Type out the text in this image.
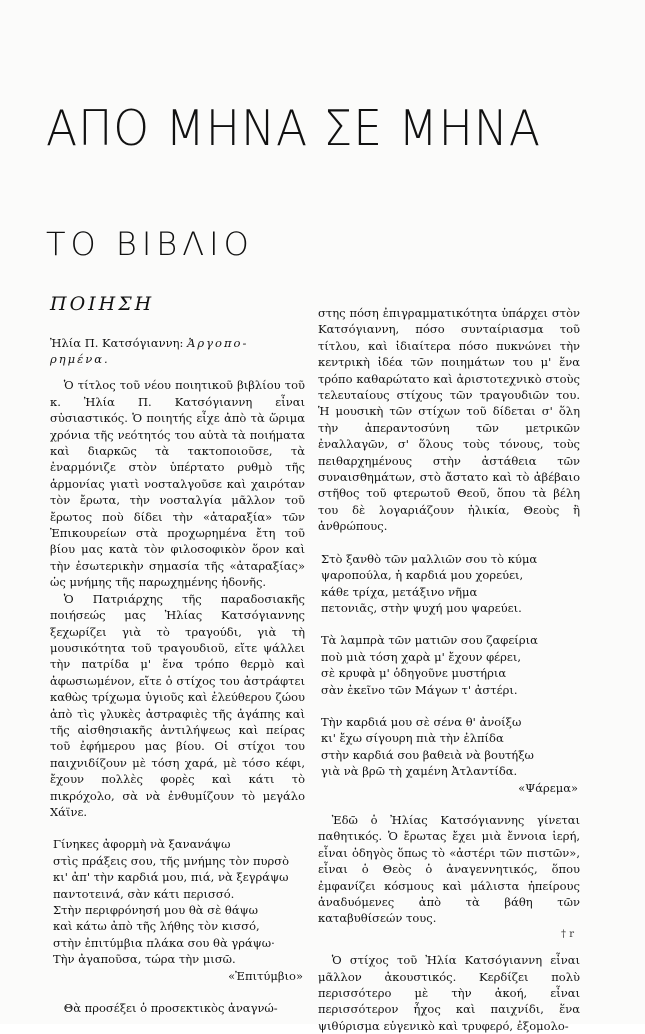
ΑΠΟ ΜΗΝΑ ΣΕ ΜΗΝΑ
ΤΟ ΒΙΒΛΙΟ
ΠΟΙΗΣΗ
Ἠλία Π. Κατσόγιαννη: Ἀργοπο-
ρημένα.

Ὁ τίτλος τοῦ νέου ποιητικοῦ βιβλίου τοῦ κ. Ἠλία Π. Κατσόγιαννη εἶναι σὐσιαστικός. Ὁ ποιητής εἶχε ἀπὸ τὰ ὥριμα χρόνια τῆς νεότητός του αὐτὰ τὰ ποιήματα καὶ διαρκῶς τὰ τακτοποιοῦσε, τὰ ἐναρμόνιζε στὸν ὑπέρτατο ρυθμὸ τῆς ἁρμονίας γιατὶ νοσταλγοῦσε καὶ χαιρόταν τὸν ἔρωτα, τὴν νοσταλγία μᾶλλον τοῦ ἔρωτος ποὺ δίδει τὴν «ἀταραξία» τῶν Ἐπικουρείων στὰ προχωρημένα ἔτη τοῦ βίου μας κατὰ τὸν φιλοσοφικὸν ὅρον καὶ τὴν ἐσωτερικὴν σημασία τῆς «ἀταραξίας» ὡς μνήμης τῆς παρωχημένης ἡδονῆς.

Ὁ Πατριάρχης τῆς παραδοσιακῆς ποιήσεώς μας Ἠλίας Κατσόγιαννης ξεχωρίζει γιὰ τὸ τραγούδι, γιὰ τὴ μουσικότητα τοῦ τραγουδιοῦ, εἴτε ψάλλει τὴν πατρίδα μ' ἕνα τρόπο θερμὸ καὶ ἀφωσιωμένον, εἴτε ὁ στίχος του ἀστράφτει καθὼς τρίχωμα ὑγιοῦς καὶ ἐλεύθερου ζώου ἀπὸ τὶς γλυκὲς ἀστραφιὲς τῆς ἀγάπης καὶ τῆς αἰσθησιακῆς ἀντιλήψεως καὶ πείρας τοῦ ἐφήμερου μας βίου. Οἱ στίχοι του παιχνιδίζουν μὲ τόση χαρά, μὲ τόσο κέφι, ἔχουν πολλὲς φορὲς καὶ κάτι τὸ πικρόχολο, σὰ νὰ ἐνθυμίζουν τὸ μεγάλο Χάϊνε.

Γίνηκες ἀφορμὴ νὰ ξανανάψω
στὶς πράξεις σου, τῆς μνήμης τὸν πυρσὸ
κι' ἀπ' τὴν καρδιά μου, πιά, νὰ ξεγράψω
παντοτεινά, σὰν κάτι περισσό.
Στὴν περιφρόνησή μου θὰ σὲ θάψω
καὶ κάτω ἀπὸ τῆς λήθης τὸν κισσό,
στὴν ἐπιτύμβια πλάκα σου θὰ γράψω·
Τὴν ἀγαποῦσα, τώρα τὴν μισῶ.
«Ἐπιτύμβιο»

Θὰ προσέξει ὁ προσεκτικὸς ἀναγνώ-

στης πόση ἐπιγραμματικότητα ὑπάρχει στὸν Κατσόγιαννη, πόσο συνταίριασμα τοῦ τίτλου, καὶ ἰδιαίτερα πόσο πυκνώνει τὴν κεντρικὴ ἰδέα τῶν ποιημάτων του μ' ἕνα τρόπο καθαρώτατο καὶ ἀριστοτεχνικὸ στοὺς τελευταίους στίχους τῶν τραγουδιῶν του. Ἡ μουσικὴ τῶν στίχων τοῦ δίδεται σ' ὅλη τὴν ἀπεραντοσύνη τῶν μετρικῶν ἐναλλαγῶν, σ' ὅλους τοὺς τόνους, τοὺς πειθαρχημένους στὴν ἀστάθεια τῶν συναισθημάτων, στὸ ἄστατο καὶ τὸ ἀβέβαιο στῆθος τοῦ φτερωτοῦ Θεοῦ, ὅπου τὰ βέλη του δὲ λογαριάζουν ἡλικία, Θεοὺς ἢ ἀνθρώπους.

Στὸ ξανθὸ τῶν μαλλιῶν σου τὸ κύμα
ψαροπούλα, ἡ καρδιά μου χορεύει,
κάθε τρίχα, μετάξινο νῆμα
πετονιᾶς, στὴν ψυχή μου ψαρεύει.
Τὰ λαμπρὰ τῶν ματιῶν σου ζαφείρια
ποὺ μιὰ τόση χαρὰ μ' ἔχουν φέρει,
σὲ κρυφὰ μ' ὁδηγοῦνε μυστήρια
σὰν ἐκεῖνο τῶν Μάγων τ' ἀστέρι.
Τὴν καρδιά μου σὲ σένα θ' ἀνοίξω
κι' ἔχω σίγουρη πιὰ τὴν ἐλπίδα
στὴν καρδιά σου βαθειὰ νὰ βουτήξω
γιὰ νὰ βρῶ τὴ χαμένη Ἀτλαντίδα.
«Ψάρεμα»

Ἐδῶ ὁ Ἠλίας Κατσόγιαννης γίνεται παθητικός. Ὁ ἔρωτας ἔχει μιὰ ἔννοια ἱερή, εἶναι ὁδηγὸς ὅπως τὸ «ἀστέρι τῶν πιστῶν», εἶναι ὁ Θεὸς ὁ ἀναγεννητικός, ὅπου ἐμφανίζει κόσμους καὶ μάλιστα ἠπείρους ἀναδυόμενες ἀπὸ τὰ βάθη τῶν καταβυθίσεών τους.

† r

Ὁ στίχος τοῦ Ἠλία Κατσόγιαννη εἶναι μᾶλλον ἀκουστικός. Κερδίζει πολὺ περισσότερο μὲ τὴν ἀκοή, εἶναι περισσότερον ἦχος καὶ παιχνίδι, ἕνα ψιθύρισμα εὐγενικὸ καὶ τρυφερό, ἐξομολο-
